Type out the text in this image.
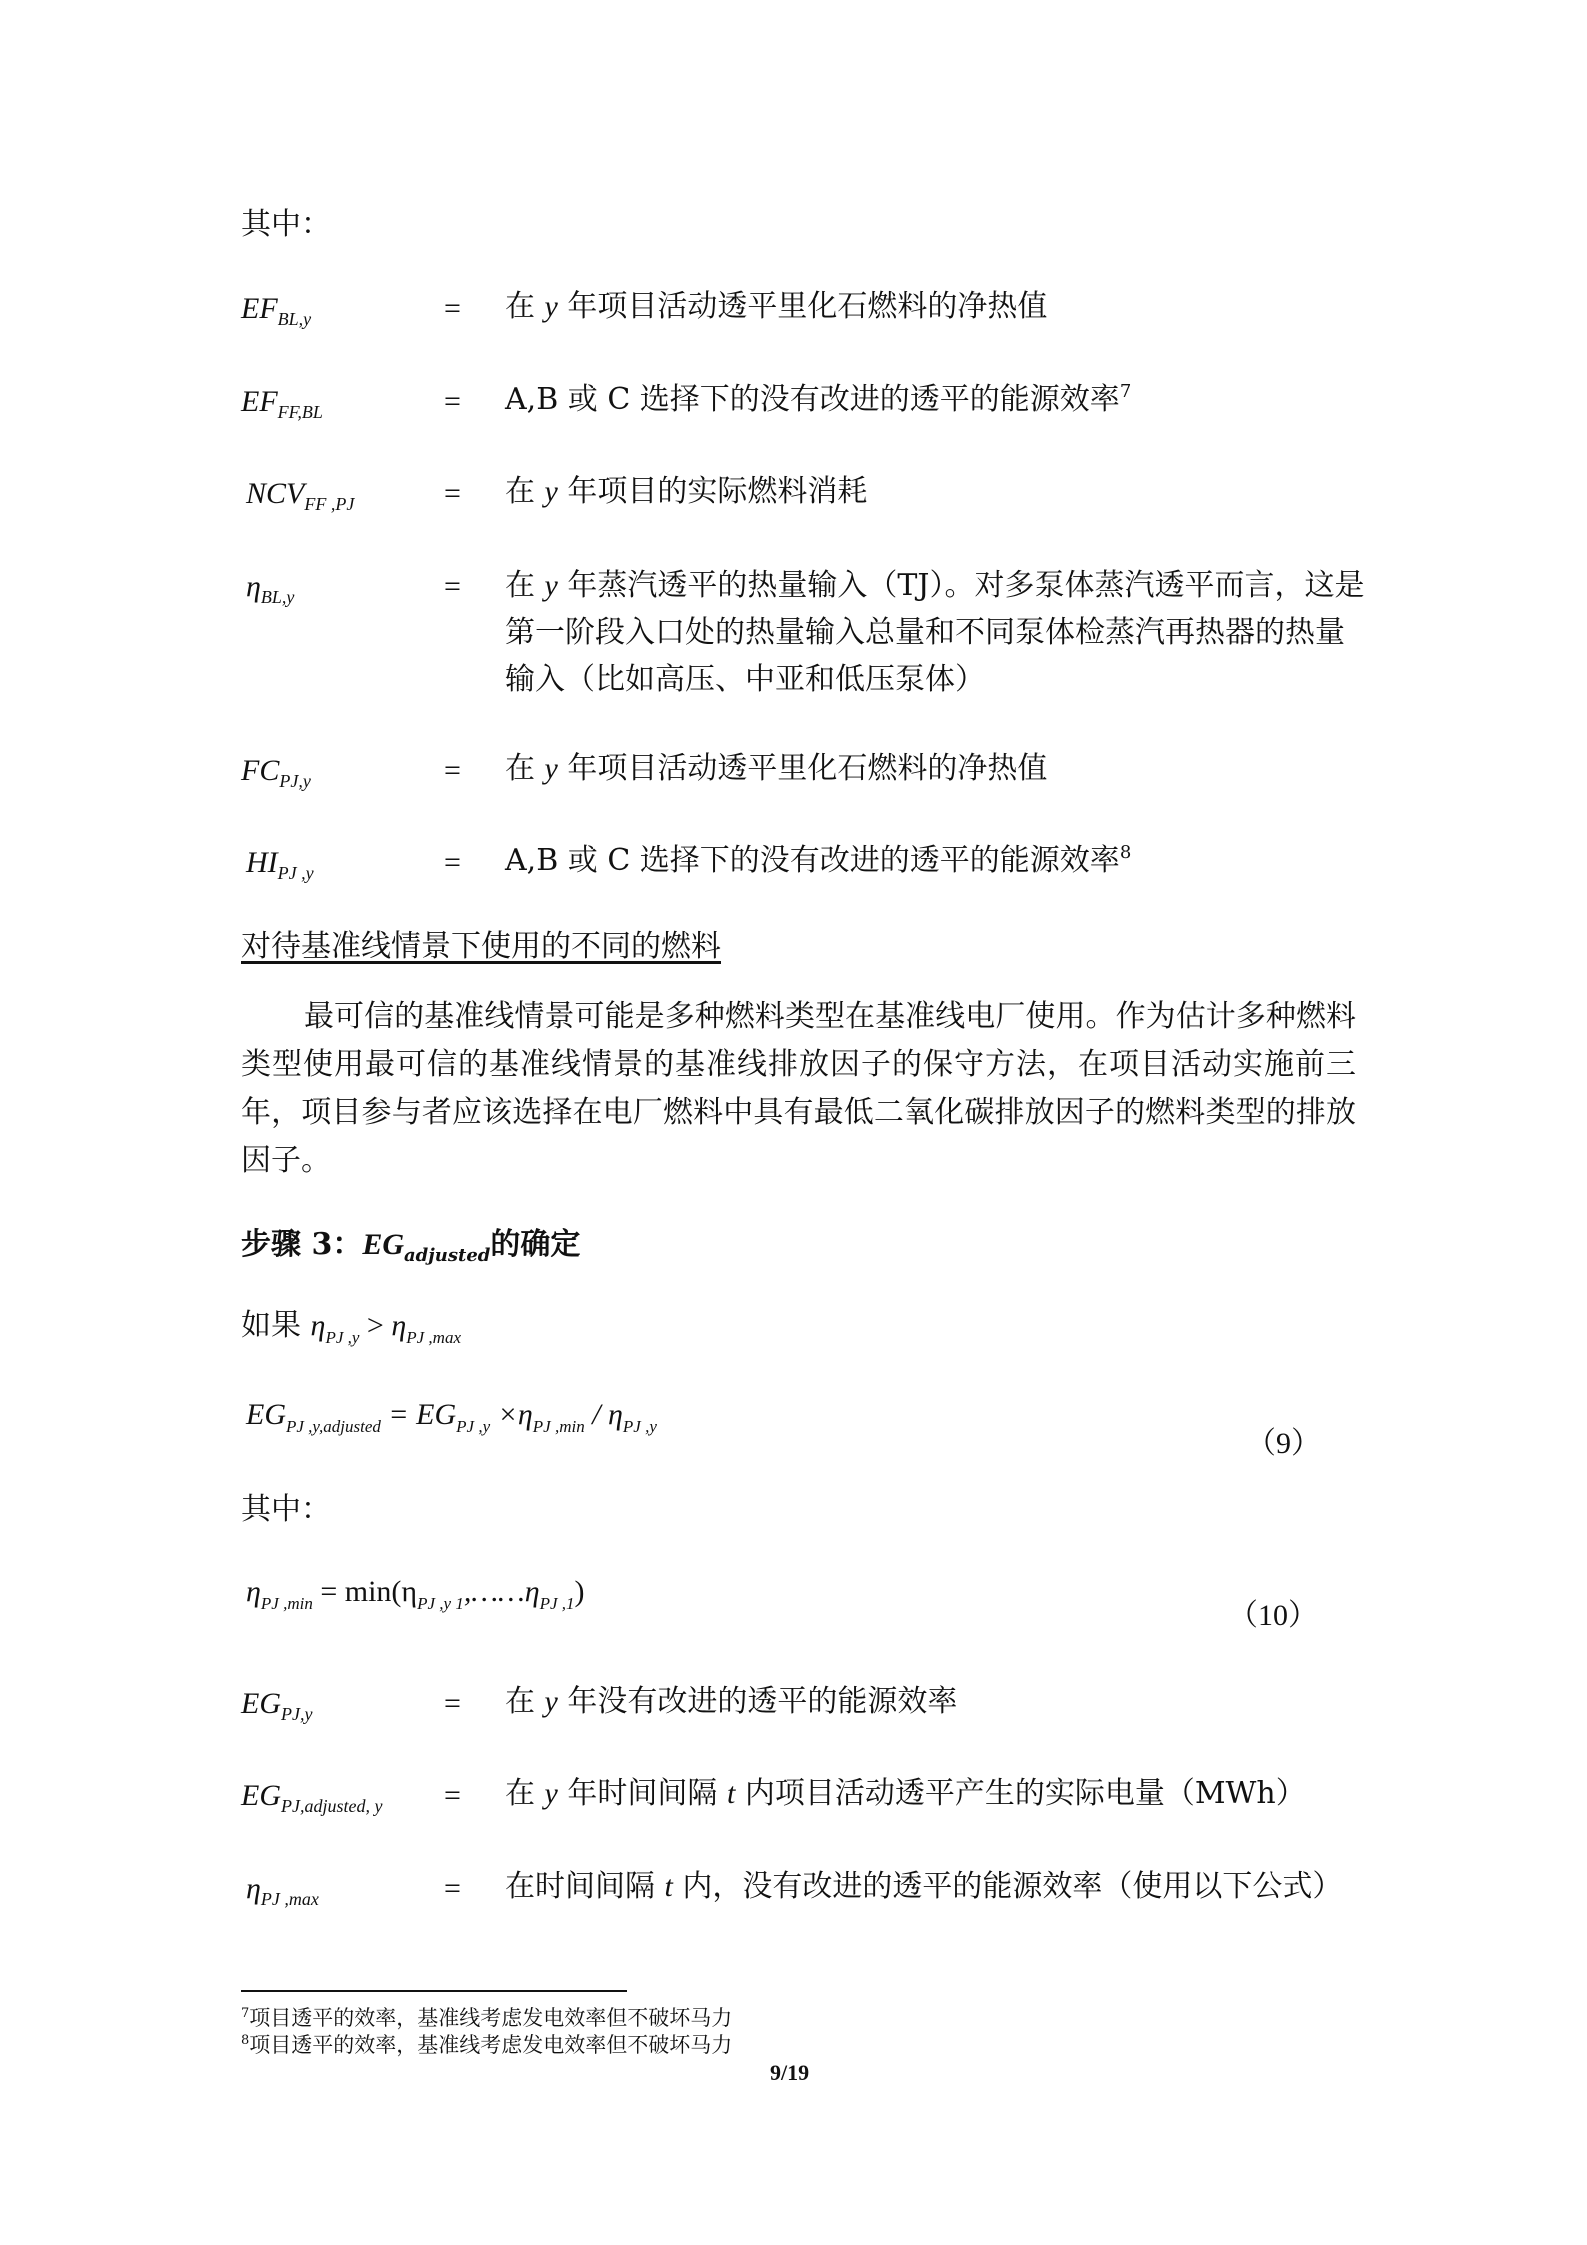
其中：
$EF_{BL,y}$	= 在 y 年项目活动透平里化石燃料的净热值
$EF_{FF,BL}$	= A,B 或 C 选择下的没有改进的透平的能源效率$^7$
$NCV_{FF ,PJ}$	= 在 y 年项目的实际燃料消耗
$\eta_{BL,y}$	= 在 y 年蒸汽透平的热量输入（TJ）。对多泵体蒸汽透平而言，这是第一阶段入口处的热量输入总量和不同泵体检蒸汽再热器的热量输入（比如高压、中亚和低压泵体）
$FC_{PJ,y}$	= 在 y 年项目活动透平里化石燃料的净热值
$HI_{PJ ,y}$	= A,B 或 C 选择下的没有改进的透平的能源效率$^8$
对待基准线情景下使用的不同的燃料
最可信的基准线情景可能是多种燃料类型在基准线电厂使用。作为估计多种燃料类型使用最可信的基准线情景的基准线排放因子的保守方法，在项目活动实施前三年，项目参与者应该选择在电厂燃料中具有最低二氧化碳排放因子的燃料类型的排放因子。
步骤 3：$EG_{adjusted}$的确定
如果 $\eta_{PJ ,y} > \eta_{PJ ,max}$
$EG_{PJ ,y,adjusted} = EG_{PJ ,y} \times\eta_{PJ ,min} / \eta_{PJ ,y}$
（9）
其中：
$\eta_{PJ ,min}$ = $\min(\eta_{PJ ,y 1},\dots\dots\eta_{PJ ,1})$
（10）
$EG_{PJ,y}$	= 在 y 年没有改进的透平的能源效率
$EG_{PJ,adjusted, y}$ = 在 y 年时间间隔 t 内项目活动透平产生的实际电量（MWh）
$\eta_{PJ ,max}$	= 在时间间隔 t 内，没有改进的透平的能源效率（使用以下公式）
$^7$项目透平的效率，基准线考虑发电效率但不破坏马力
$^8$项目透平的效率，基准线考虑发电效率但不破坏马力
9/19
